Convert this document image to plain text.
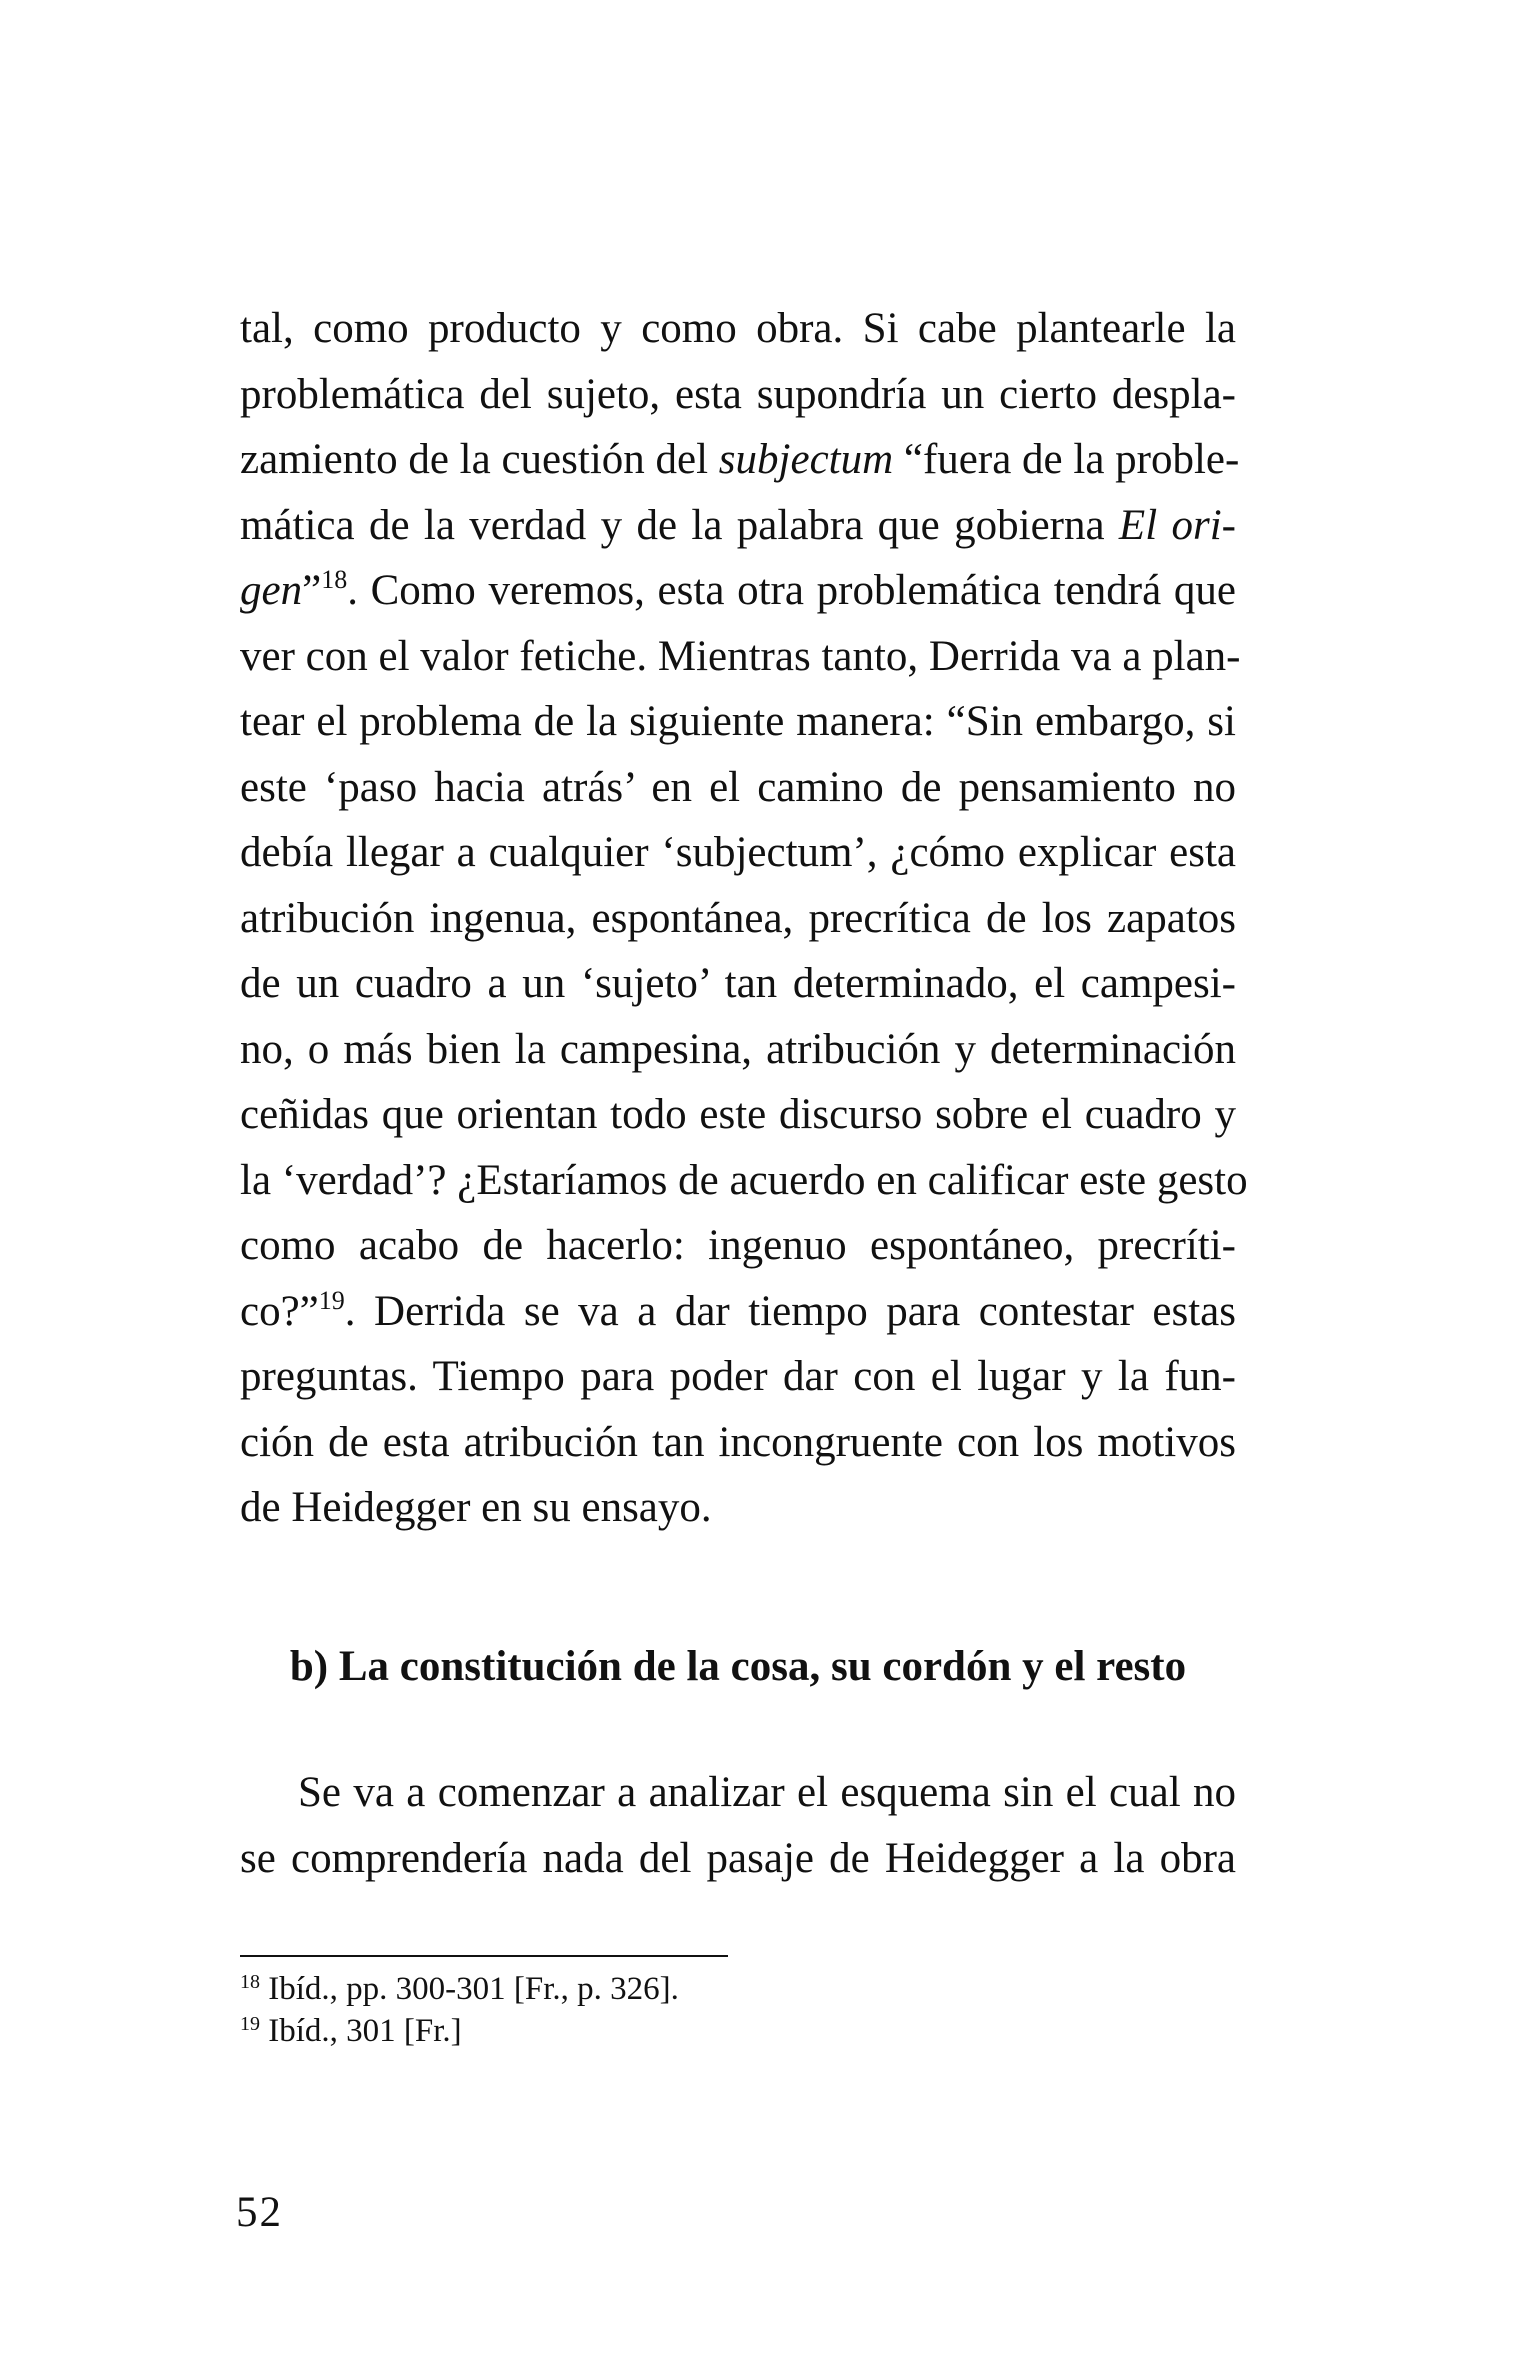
tal, como producto y como obra. Si cabe plantearle la
problemática del sujeto, esta supondría un cierto despla-
zamiento de la cuestión del subjectum “fuera de la proble-
mática de la verdad y de la palabra que gobierna El ori-
gen”$^{18}$. Como veremos, esta otra problemática tendrá que
ver con el valor fetiche. Mientras tanto, Derrida va a plan-
tear el problema de la siguiente manera: “Sin embargo, si
este ‘paso hacia atrás’ en el camino de pensamiento no
debía llegar a cualquier ‘subjectum’, ¿cómo explicar esta
atribución ingenua, espontánea, precrítica de los zapatos
de un cuadro a un ‘sujeto’ tan determinado, el campesi-
no, o más bien la campesina, atribución y determinación
ceñidas que orientan todo este discurso sobre el cuadro y
la ‘verdad’? ¿Estaríamos de acuerdo en calificar este gesto
como acabo de hacerlo: ingenuo espontáneo, precríti-
co?”$^{19}$. Derrida se va a dar tiempo para contestar estas
preguntas. Tiempo para poder dar con el lugar y la fun-
ción de esta atribución tan incongruente con los motivos
de Heidegger en su ensayo.
b) La constitución de la cosa, su cordón y el resto
Se va a comenzar a analizar el esquema sin el cual no
se comprendería nada del pasaje de Heidegger a la obra
$^{18}$ Ibíd., pp. 300-301 [Fr., p. 326].
$^{19}$ Ibíd., 301 [Fr.]
52
